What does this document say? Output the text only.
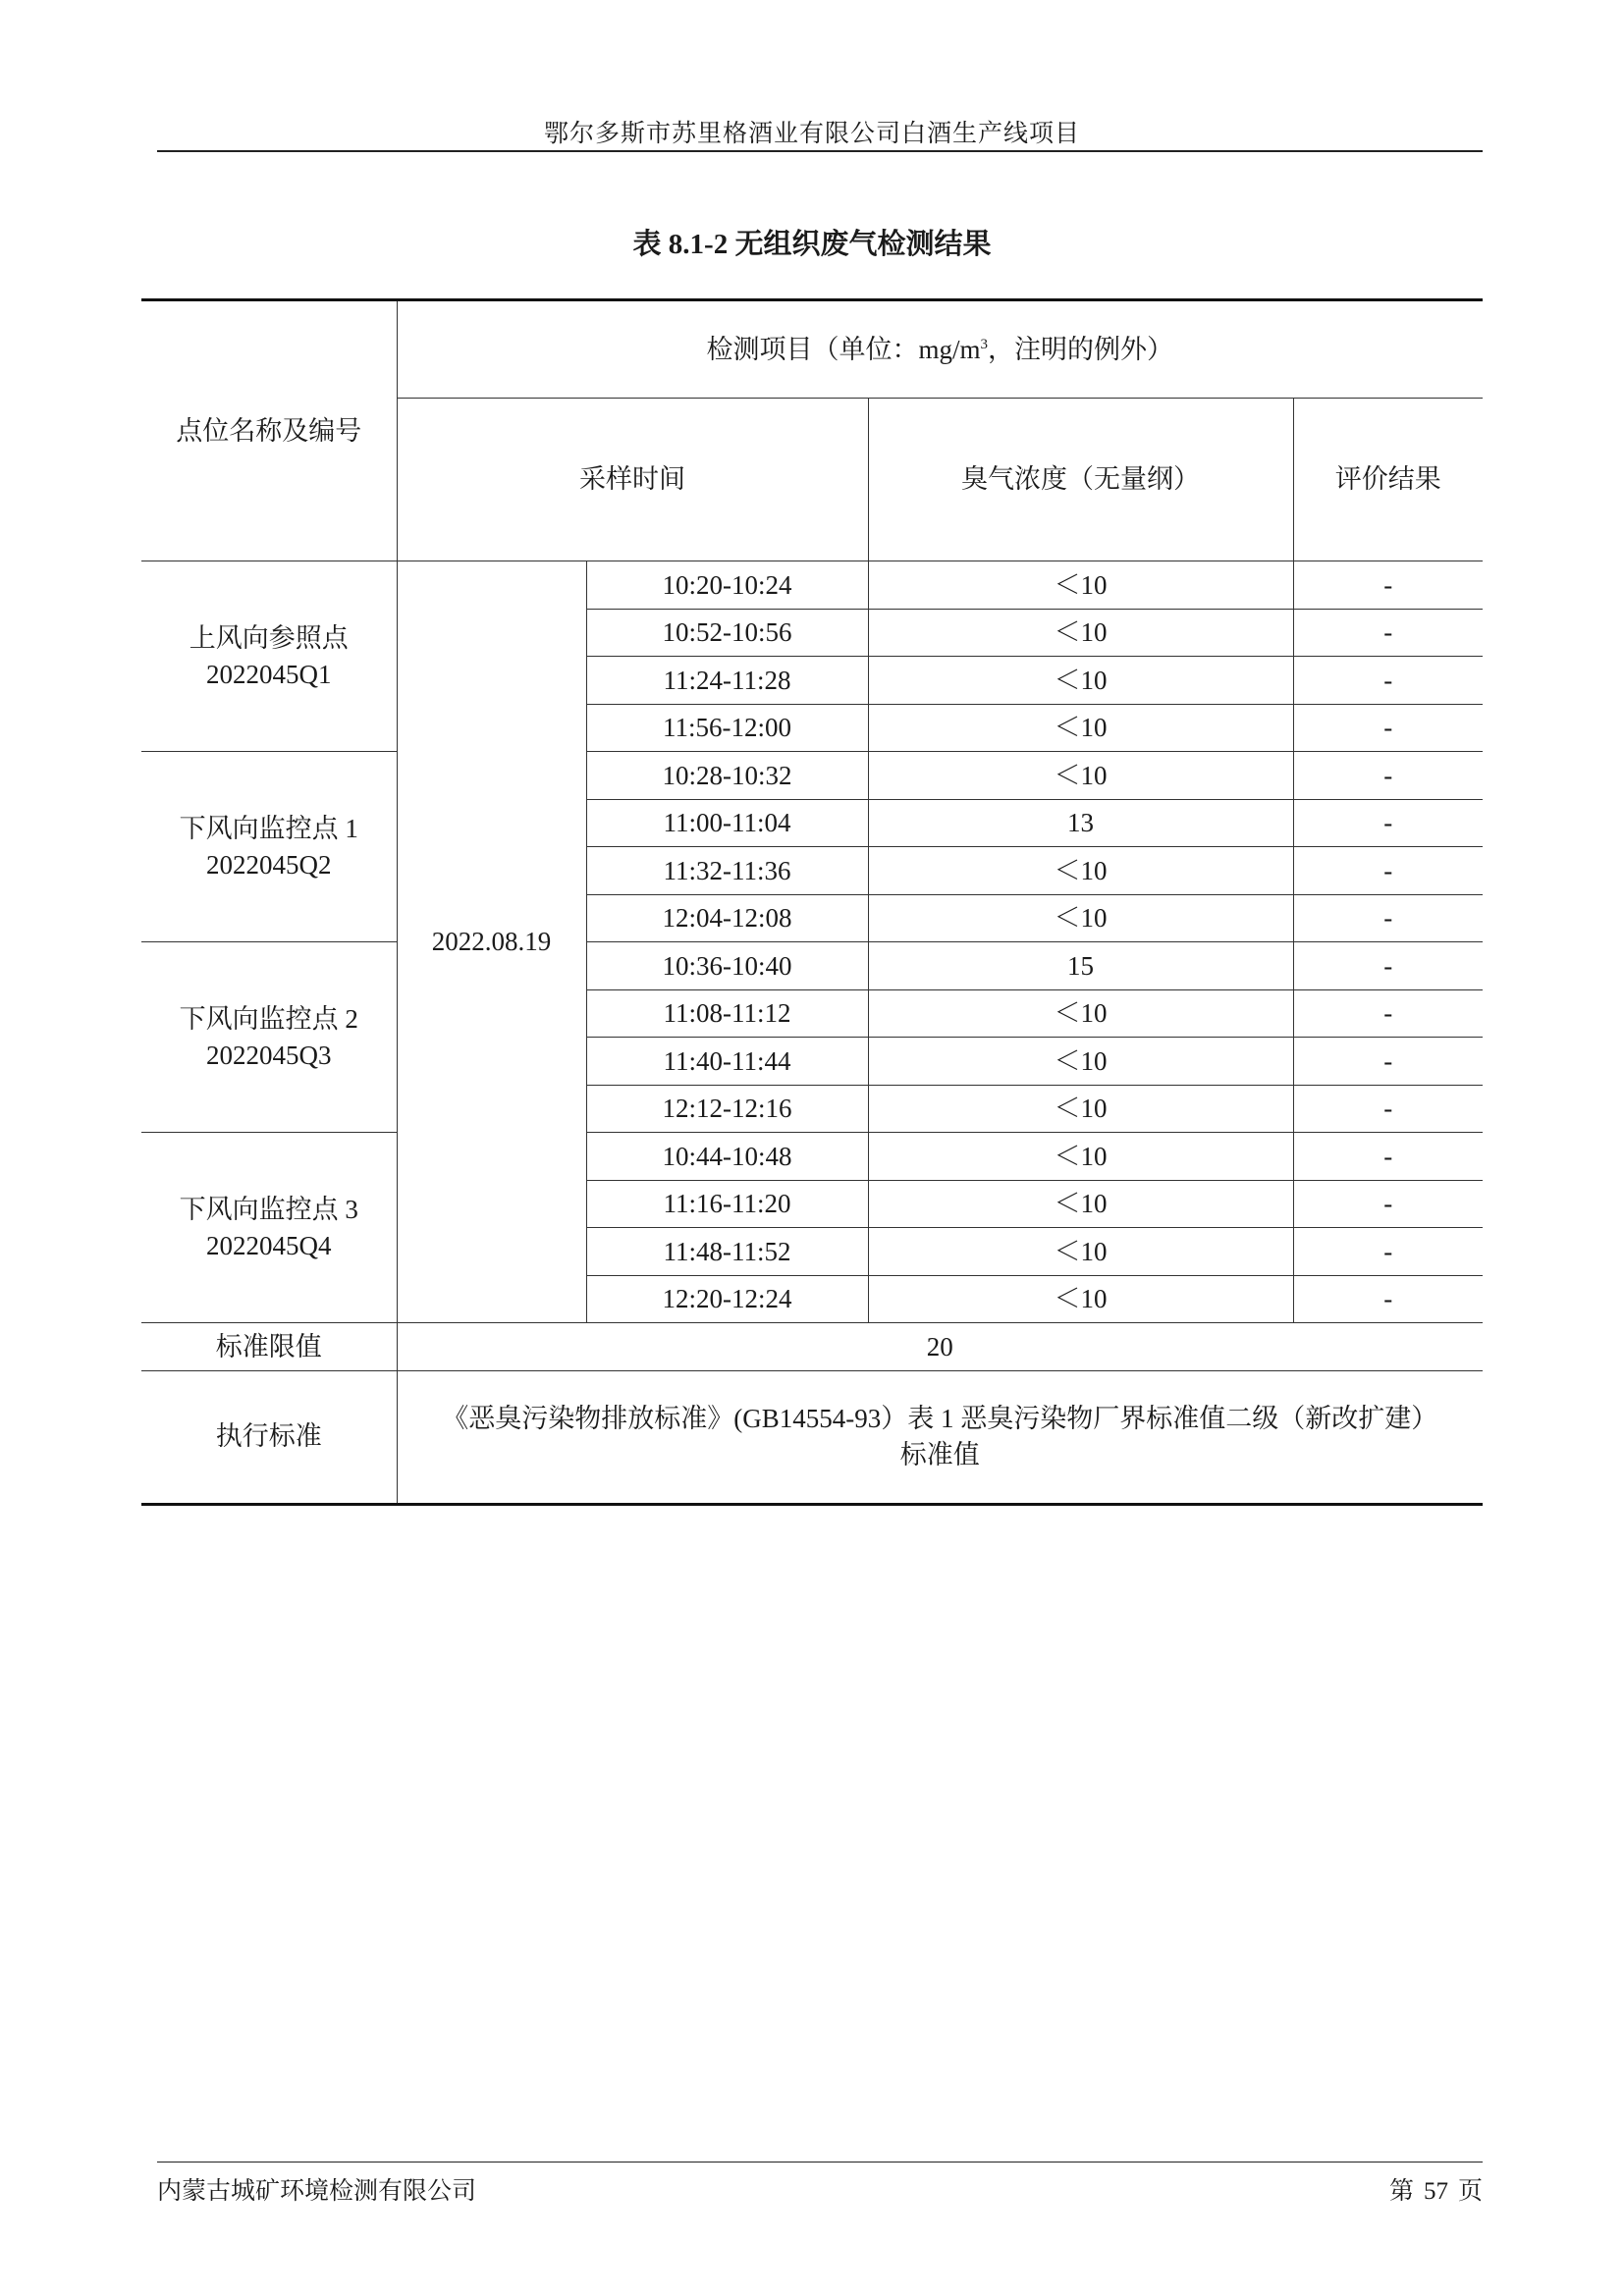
鄂尔多斯市苏里格酒业有限公司白酒生产线项目
表 8.1-2 无组织废气检测结果
点位名称及编号	检测项目（单位：$mg/m^3$，注明的例外）			
	采样时间		臭气浓度（无量纲）	评价结果
上风向参照点
2022045Q1	2022.08.19	10:20-10:24	＜10	-
		10:52-10:56	＜10	-
		11:24-11:28	＜10	-
		11:56-12:00	＜10	-
下风向监控点 1
2022045Q2		10:28-10:32	＜10	-
		11:00-11:04	13	-
		11:32-11:36	＜10	-
		12:04-12:08	＜10	-
下风向监控点 2
2022045Q3		10:36-10:40	15	-
		11:08-11:12	＜10	-
		11:40-11:44	＜10	-
		12:12-12:16	＜10	-
下风向监控点 3
2022045Q4		10:44-10:48	＜10	-
		11:16-11:20	＜10	-
		11:48-11:52	＜10	-
		12:20-12:24	＜10	-
标准限值	20			
执行标准	《恶臭污染物排放标准》(GB14554-93）表 1 恶臭污染物厂界标准值二级（新改扩建）
标准值			
内蒙古城矿环境检测有限公司	第 57 页
